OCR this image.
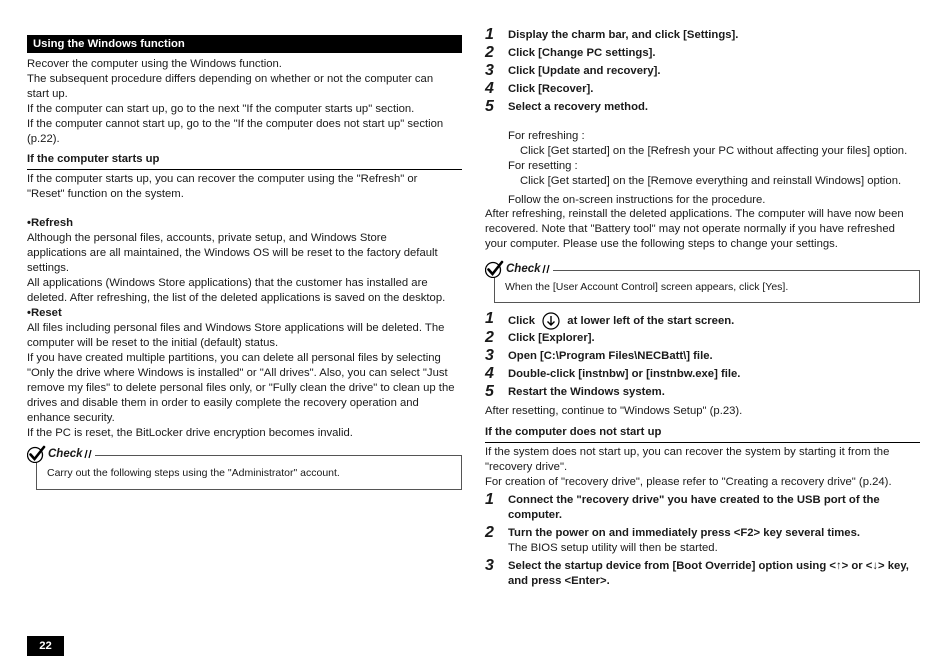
Using the Windows function
Recover the computer using the Windows function.
The subsequent procedure differs depending on whether or not the computer can
start up.
If the computer can start up, go to the next "If the computer starts up" section.
If the computer cannot start up, go to the "If the computer does not start up" section
(p.22).
If the computer starts up
If the computer starts up, you can recover the computer using the "Refresh" or
"Reset" function on the system.
•Refresh
Although the personal files, accounts, private setup, and Windows Store
applications are all maintained, the Windows OS will be reset to the factory default
settings.
All applications (Windows Store applications) that the customer has installed are
deleted. After refreshing, the list of the deleted applications is saved on the desktop.
•Reset
All files including personal files and Windows Store applications will be deleted. The
computer will be reset to the initial (default) status.
If you have created multiple partitions, you can delete all personal files by selecting
"Only the drive where Windows is installed" or "All drives". Also, you can select "Just
remove my files" to delete personal files only, or "Fully clean the drive" to clean up the
drives and disable them in order to easily complete the recovery operation and
enhance security.
If the PC is reset, the BitLocker drive encryption becomes invalid.
Carry out the following steps using the "Administrator" account.
Check
22
1	Display the charm bar, and click [Settings].
2	Click [Change PC settings].
3	Click [Update and recovery].
4	Click [Recover].
5	Select a recovery method.
For refreshing :
Click [Get started] on the [Refresh your PC without affecting your files] option.
For resetting :
Click [Get started] on the [Remove everything and reinstall Windows] option.
Follow the on-screen instructions for the procedure.
After refreshing, reinstall the deleted applications. The computer will have now been
recovered. Note that "Battery tool" may not operate normally if you have refreshed
your computer. Please use the following steps to change your settings.
When the [User Account Control] screen appears, click [Yes].
Check
1	Click	at lower left of the start screen.
2	Click [Explorer].
3	Open [C:\Program Files\NECBatt\] file.
4	Double-click [instnbw] or [instnbw.exe] file.
5	Restart the Windows system.
After resetting, continue to "Windows Setup" (p.23).
If the computer does not start up
If the system does not start up, you can recover the system by starting it from the
"recovery drive".
For creation of "recovery drive", please refer to "Creating a recovery drive" (p.24).
1	Connect the "recovery drive" you have created to the USB port of the
computer.
2	Turn the power on and immediately press <F2> key several times.
The BIOS setup utility will then be started.
3	Select the startup device from [Boot Override] option using <↑> or <↓> key,
and press <Enter>.
